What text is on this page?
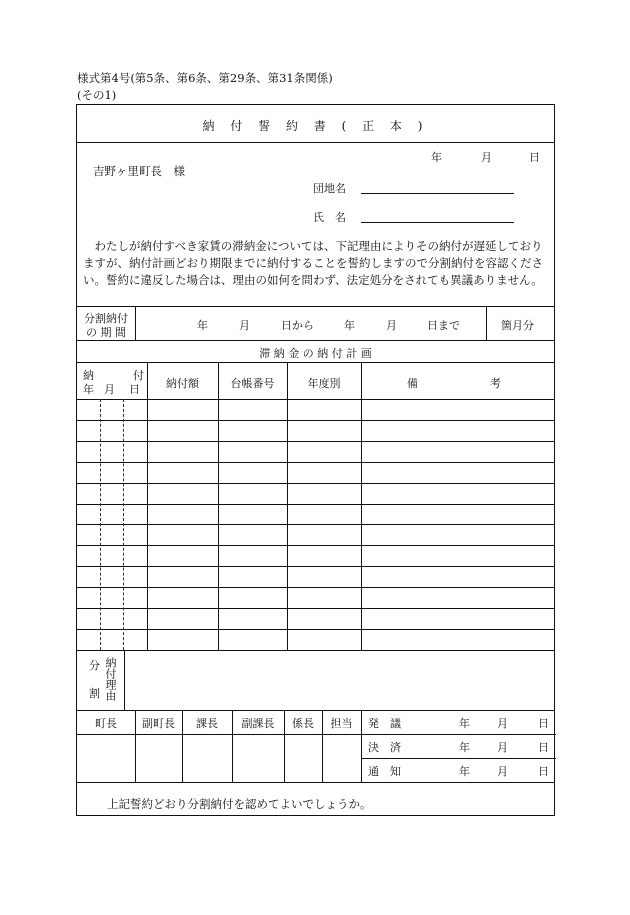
様式第4号(第5条、第6条、第29条、第31条関係)
(その1)
納 付 誓 約 書 ( 正 本 )
年	月	日
吉野ヶ里町長　様
団地名
氏　名
わたしが納付すべき家賃の滞納金については、下記理由によりその納付が遅延しておりますが、納付計画どおり期限までに納付することを誓約しますので分割納付を容認ください。誓約に違反した場合は、理由の如何を問わず、法定処分をされても異議ありません。
分割納付
の 期 間
年	月	日から	年	月	日まで	箇月分
滞 納 金 の 納 付 計 画
納	付
年 月 日	納付額	台帳番号	年度別	備	考
分
割 納付理由
町長	副町長	課長	副課長	係長	担当	発　議	年 月	日
決　済	年 月	日
通　知	年 月	日
上記誓約どおり分割納付を認めてよいでしょうか。
